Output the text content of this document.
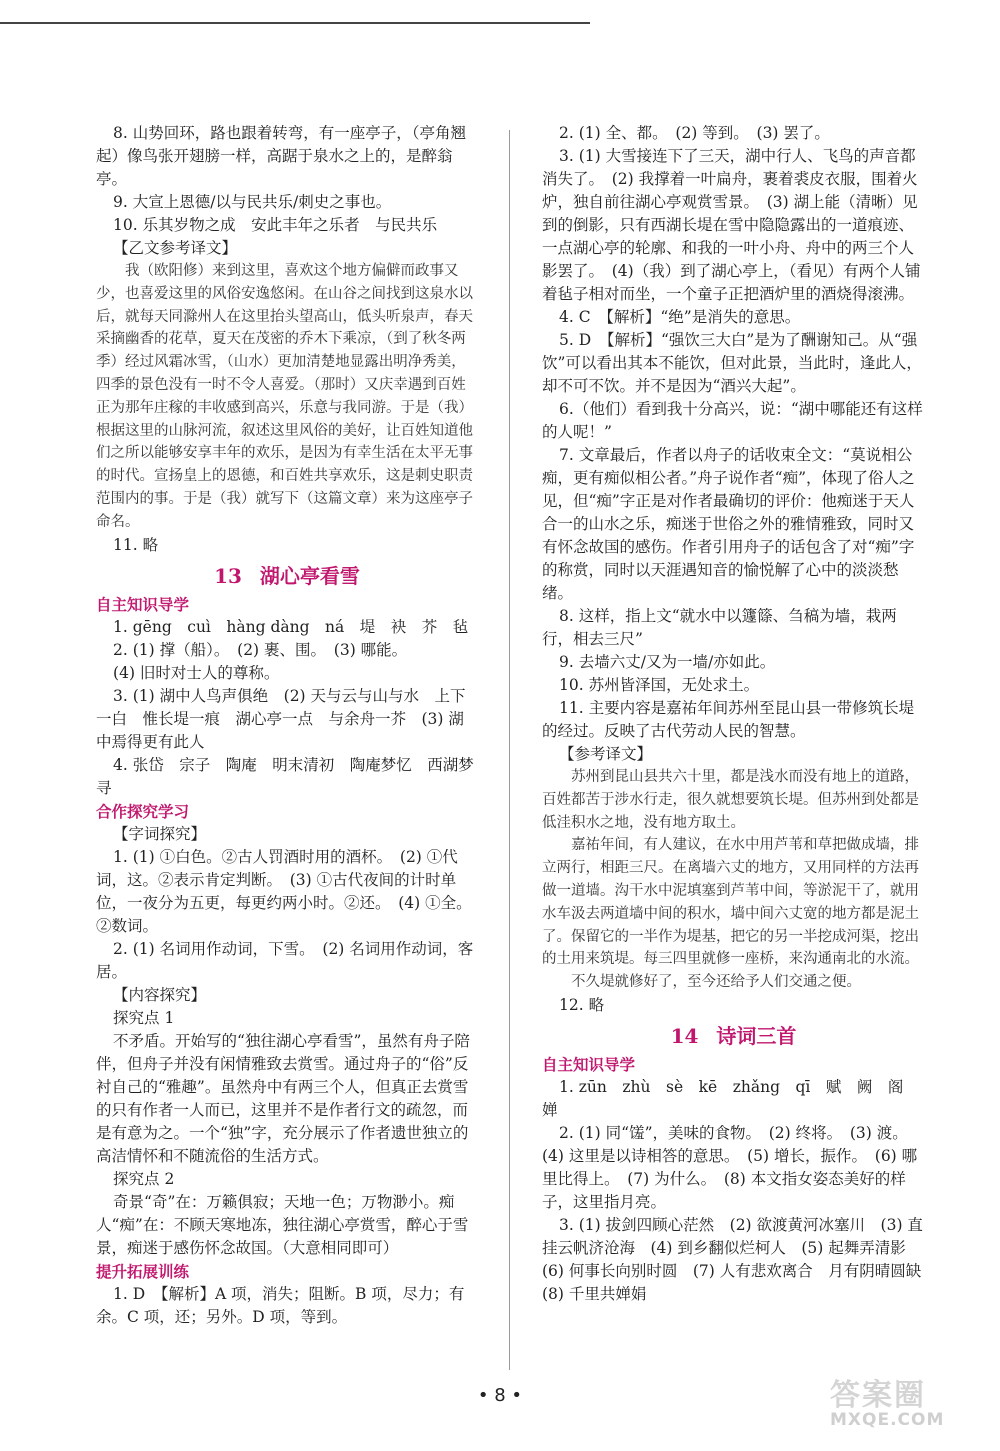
8. 山势回环，路也跟着转弯，有一座亭子，（亭角翘起）像鸟张开翅膀一样，高踞于泉水之上的，是醉翁亭。

9. 大宣上恩德/以与民共乐/刺史之事也。

10. 乐其岁物之成　安此丰年之乐者　与民共乐

【乙文参考译文】

我（欧阳修）来到这里，喜欢这个地方偏僻而政事又少，也喜爱这里的风俗安逸悠闲。在山谷之间找到这泉水以后，就每天同滁州人在这里抬头望高山，低头听泉声，春天采摘幽香的花草，夏天在茂密的乔木下乘凉，（到了秋冬两季）经过风霜冰雪，（山水）更加清楚地显露出明净秀美，四季的景色没有一时不令人喜爱。（那时）又庆幸遇到百姓正为那年庄稼的丰收感到高兴，乐意与我同游。于是（我）根据这里的山脉河流，叙述这里风俗的美好，让百姓知道他们之所以能够安享丰年的欢乐，是因为有幸生活在太平无事的时代。宣扬皇上的恩德，和百姓共享欢乐，这是刺史职责范围内的事。于是（我）就写下（这篇文章）来为这座亭子命名。

11. 略

13 湖心亭看雪

自主知识导学

1. gēng　cuì　hàng dàng　ná　堤　袂　芥　毡

2. (1) 撑（船）。　(2) 裹、围。　(3) 哪能。

(4) 旧时对士人的尊称。

3. (1) 湖中人鸟声俱绝　(2) 天与云与山与水　上下一白　惟长堤一痕　湖心亭一点　与余舟一芥　(3) 湖中焉得更有此人

4. 张岱　宗子　陶庵　明末清初　陶庵梦忆　西湖梦寻

合作探究学习

【字词探究】

1. (1) ①白色。②古人罚酒时用的酒杯。　(2) ①代词，这。②表示肯定判断。　(3) ①古代夜间的计时单位，一夜分为五更，每更约两小时。②还。　(4) ①全。②数词。

2. (1) 名词用作动词，下雪。　(2) 名词用作动词，客居。

【内容探究】

探究点 1

不矛盾。开始写的“独往湖心亭看雪”，虽然有舟子陪伴，但舟子并没有闲情雅致去赏雪。通过舟子的“俗”反衬自己的“雅趣”。虽然舟中有两三个人，但真正去赏雪的只有作者一人而已，这里并不是作者行文的疏忽，而是有意为之。一个“独”字，充分展示了作者遗世独立的高洁情怀和不随流俗的生活方式。

探究点 2

奇景“奇”在：万籁俱寂；天地一色；万物渺小。痴人“痴”在：不顾天寒地冻，独往湖心亭赏雪，醉心于雪景，痴迷于感伤怀念故国。（大意相同即可）

提升拓展训练

1. D　【解析】A 项，消失；阻断。B 项，尽力；有余。C 项，还；另外。D 项，等到。

2. (1) 全、都。　(2) 等到。　(3) 罢了。

3. (1) 大雪接连下了三天，湖中行人、飞鸟的声音都消失了。　(2) 我撑着一叶扁舟，裹着裘皮衣服，围着火炉，独自前往湖心亭观赏雪景。　(3) 湖上能（清晰）见到的倒影，只有西湖长堤在雪中隐隐露出的一道痕迹、一点湖心亭的轮廓、和我的一叶小舟、舟中的两三个人影罢了。　(4)（我）到了湖心亭上，（看见）有两个人铺着毡子相对而坐，一个童子正把酒炉里的酒烧得滚沸。

4. C　【解析】“绝”是消失的意思。

5. D　【解析】“强饮三大白”是为了酬谢知己。从“强饮”可以看出其本不能饮，但对此景，当此时，逢此人，却不可不饮。并不是因为“酒兴大起”。

6.（他们）看到我十分高兴，说：“湖中哪能还有这样的人呢！”

7. 文章最后，作者以舟子的话收束全文：“莫说相公痴，更有痴似相公者。”舟子说作者“痴”，体现了俗人之见，但“痴”字正是对作者最确切的评价：他痴迷于天人合一的山水之乐，痴迷于世俗之外的雅情雅致，同时又有怀念故国的感伤。作者引用舟子的话包含了对“痴”字的称赏，同时以天涯遇知音的愉悦解了心中的淡淡愁绪。

8. 这样，指上文“就水中以籧篨、刍稿为墙，栽两行，相去三尺”

9. 去墙六丈/又为一墙/亦如此。

10. 苏州皆泽国，无处求土。

11. 主要内容是嘉祐年间苏州至昆山县一带修筑长堤的经过。反映了古代劳动人民的智慧。

【参考译文】

苏州到昆山县共六十里，都是浅水而没有地上的道路，百姓都苦于涉水行走，很久就想要筑长堤。但苏州到处都是低洼积水之地，没有地方取土。

嘉祐年间，有人建议，在水中用芦苇和草把做成墙，排立两行，相距三尺。在离墙六丈的地方，又用同样的方法再做一道墙。沟干水中泥填塞到芦苇中间，等淤泥干了，就用水车汲去两道墙中间的积水，墙中间六丈宽的地方都是泥土了。保留它的一半作为堤基，把它的另一半挖成河渠，挖出的土用来筑堤。每三四里就修一座桥，来沟通南北的水流。

不久堤就修好了，至今还给予人们交通之便。

12. 略

14 诗词三首

自主知识导学

1. zūn　zhù　sè　kē　zhǎng　qī　赋　阙　阁　婵

2. (1) 同“馐”，美味的食物。　(2) 终将。　(3) 渡。　(4) 这里是以诗相答的意思。　(5) 增长，振作。　(6) 哪里比得上。　(7) 为什么。　(8) 本文指女姿态美好的样子，这里指月亮。

3. (1) 拔剑四顾心茫然　(2) 欲渡黄河冰塞川　(3) 直挂云帆济沧海　(4) 到乡翻似烂柯人　(5) 起舞弄清影　(6) 何事长向别时圆　(7) 人有悲欢离合　月有阴晴圆缺　(8) 千里共婵娟

• 8 •	答案圈
MXQE.COM
